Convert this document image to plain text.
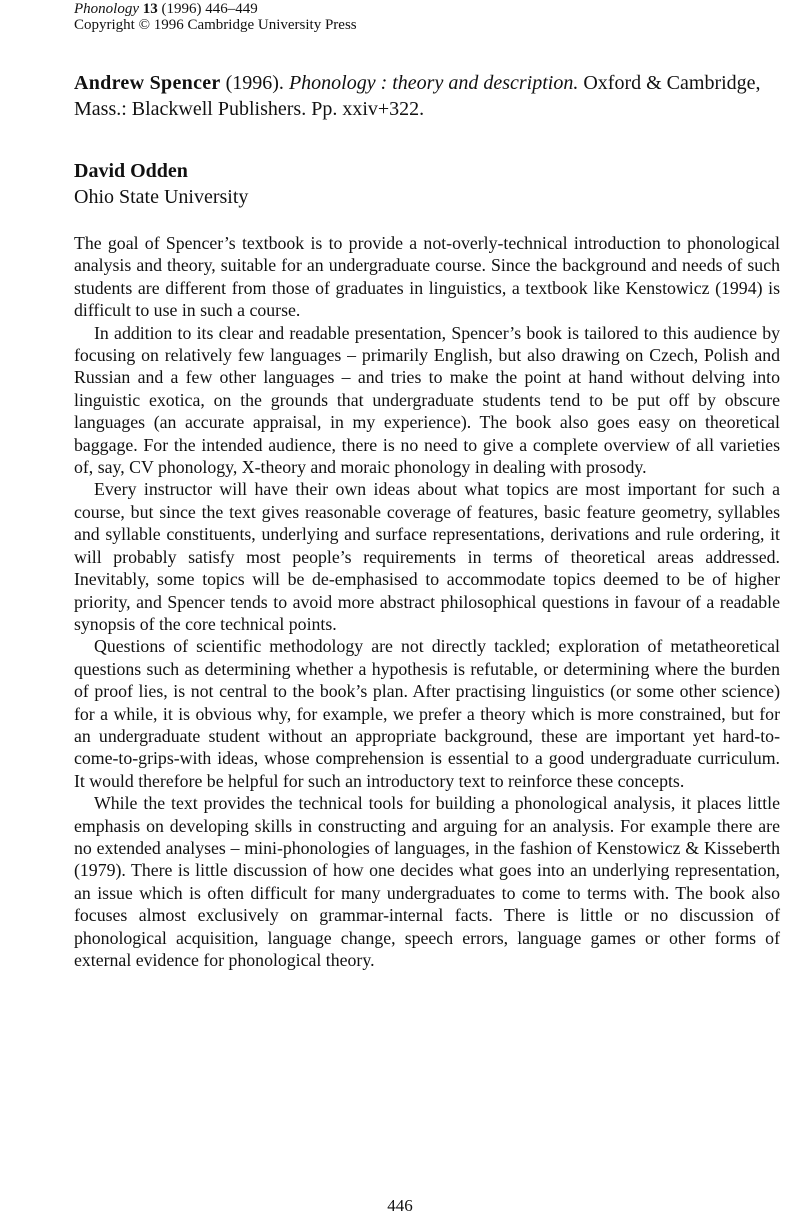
Phonology 13 (1996) 446–449
Copyright © 1996 Cambridge University Press
Andrew Spencer (1996). Phonology : theory and description. Oxford & Cambridge, Mass.: Blackwell Publishers. Pp. xxiv+322.
David Odden
Ohio State University

The goal of Spencer’s textbook is to provide a not-overly-technical introduction to phonological analysis and theory, suitable for an undergraduate course. Since the background and needs of such students are different from those of graduates in linguistics, a textbook like Kenstowicz (1994) is difficult to use in such a course.

In addition to its clear and readable presentation, Spencer’s book is tailored to this audience by focusing on relatively few languages – primarily English, but also drawing on Czech, Polish and Russian and a few other languages – and tries to make the point at hand without delving into linguistic exotica, on the grounds that undergraduate students tend to be put off by obscure languages (an accurate appraisal, in my experience). The book also goes easy on theoretical baggage. For the intended audience, there is no need to give a complete overview of all varieties of, say, CV phonology, X-theory and moraic phonology in dealing with prosody.

Every instructor will have their own ideas about what topics are most important for such a course, but since the text gives reasonable coverage of features, basic feature geometry, syllables and syllable constituents, underlying and surface representations, derivations and rule ordering, it will probably satisfy most people’s requirements in terms of theoretical areas addressed. Inevitably, some topics will be de-emphasised to accommodate topics deemed to be of higher priority, and Spencer tends to avoid more abstract philosophical questions in favour of a readable synopsis of the core technical points.

Questions of scientific methodology are not directly tackled; exploration of metatheoretical questions such as determining whether a hypothesis is refutable, or determining where the burden of proof lies, is not central to the book’s plan. After practising linguistics (or some other science) for a while, it is obvious why, for example, we prefer a theory which is more constrained, but for an undergraduate student without an appropriate background, these are important yet hard-to-come-to-grips-with ideas, whose comprehension is essential to a good undergraduate curriculum. It would therefore be helpful for such an introductory text to reinforce these concepts.

While the text provides the technical tools for building a phonological analysis, it places little emphasis on developing skills in constructing and arguing for an analysis. For example there are no extended analyses – mini-phonologies of languages, in the fashion of Kenstowicz & Kisseberth (1979). There is little discussion of how one decides what goes into an underlying representation, an issue which is often difficult for many undergraduates to come to terms with. The book also focuses almost exclusively on grammar-internal facts. There is little or no discussion of phonological acquisition, language change, speech errors, language games or other forms of external evidence for phonological theory.

446
